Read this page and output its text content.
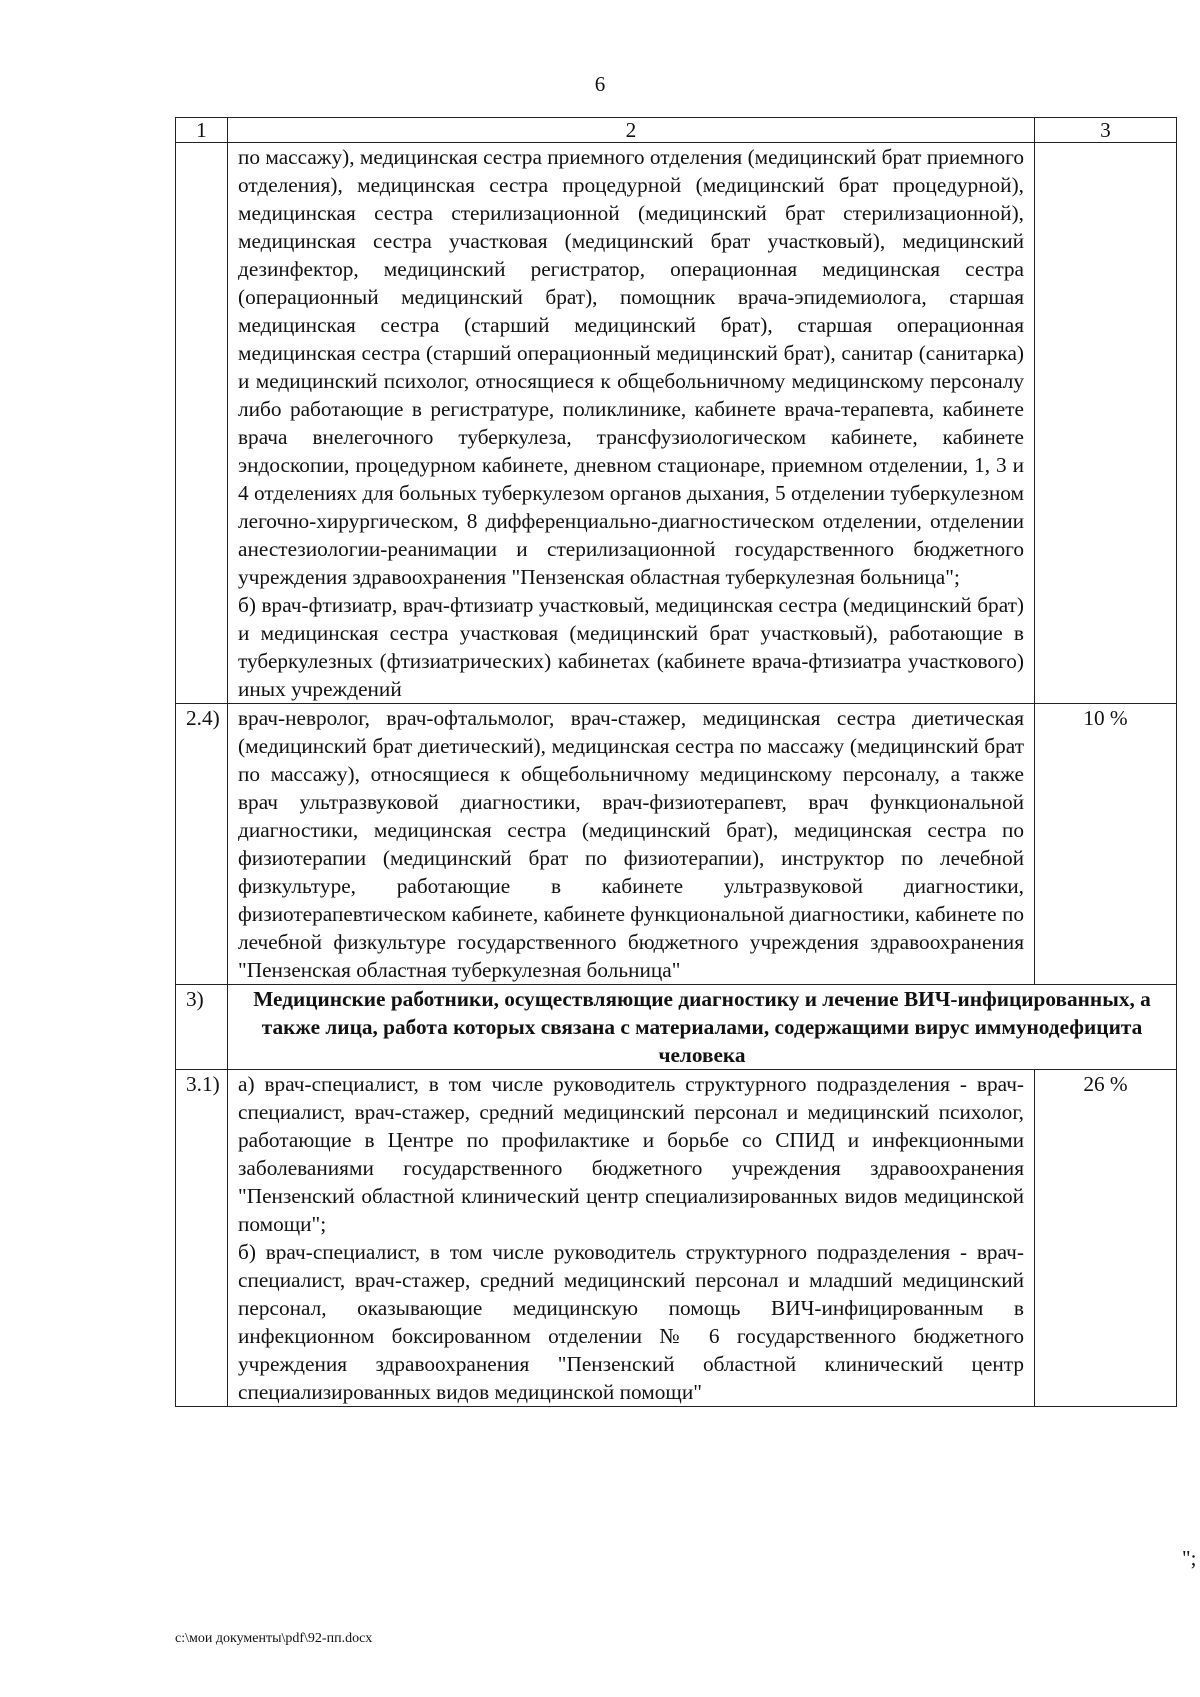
6
1	2	3

	по массажу), медицинская сестра приемного отделения (медицинский брат приемного отделения), медицинская сестра процедурной (медицинский брат процедурной), медицинская сестра стерилизационной (медицинский брат стерилизационной), медицинская сестра участковая (медицинский брат участковый), медицинский дезинфектор, медицинский регистратор, операционная медицинская сестра (операционный медицинский брат), помощник врача-эпидемиолога, старшая медицинская сестра (старший медицинский брат), старшая операционная медицинская сестра (старший операционный медицинский брат), санитар (санитарка) и медицинский психолог, относящиеся к общебольничному медицинскому персоналу либо работающие в регистратуре, поликлинике, кабинете врача-терапевта, кабинете врача внелегочного туберкулеза, трансфузиологическом кабинете, кабинете эндоскопии, процедурном кабинете, дневном стационаре, приемном отделении, 1, 3 и 4 отделениях для больных туберкулезом органов дыхания, 5 отделении туберкулезном легочно-хирургическом, 8 дифференциально-диагностическом отделении, отделении анестезиологии-реанимации и стерилизационной государственного бюджетного учреждения здравоохранения "Пензенская областная туберкулезная больница";

б) врач-фтизиатр, врач-фтизиатр участковый, медицинская сестра (медицинский брат) и медицинская сестра участковая (медицинский брат участковый), работающие в туберкулезных (фтизиатрических) кабинетах (кабинете врача-фтизиатра участкового) иных учреждений	

2.4)	врач-невролог, врач-офтальмолог, врач-стажер, медицинская сестра диетическая (медицинский брат диетический), медицинская сестра по массажу (медицинский брат по массажу), относящиеся к общебольничному медицинскому персоналу, а также врач ультразвуковой диагностики, врач-физиотерапевт, врач функциональной диагностики, медицинская сестра (медицинский брат), медицинская сестра по физиотерапии (медицинский брат по физиотерапии), инструктор по лечебной физкультуре, работающие в кабинете ультразвуковой диагностики, физиотерапевтическом кабинете, кабинете функциональной диагностики, кабинете по лечебной физкультуре государственного бюджетного учреждения здравоохранения "Пензенская областная туберкулезная больница"	10 %
3)	Медицинские работники, осуществляющие диагностику и лечение ВИЧ-инфицированных, а также лица, работа которых связана с материалами, содержащими вирус иммунодефицита человека	
3.1)	а) врач-специалист, в том числе руководитель структурного подразделения - врач-специалист, врач-стажер, средний медицинский персонал и медицинский психолог, работающие в Центре по профилактике и борьбе со СПИД и инфекционными заболеваниями государственного бюджетного учреждения здравоохранения "Пензенский областной клинический центр специализированных видов медицинской помощи";

б) врач-специалист, в том числе руководитель структурного подразделения - врач-специалист, врач-стажер, средний медицинский персонал и младший медицинский персонал, оказывающие медицинскую помощь ВИЧ-инфицированным в инфекционном боксированном отделении № 6 государственного бюджетного учреждения здравоохранения "Пензенский областной клинический центр специализированных видов медицинской помощи"	26 %
";
c:\мои документы\pdf\92-пп.docx
